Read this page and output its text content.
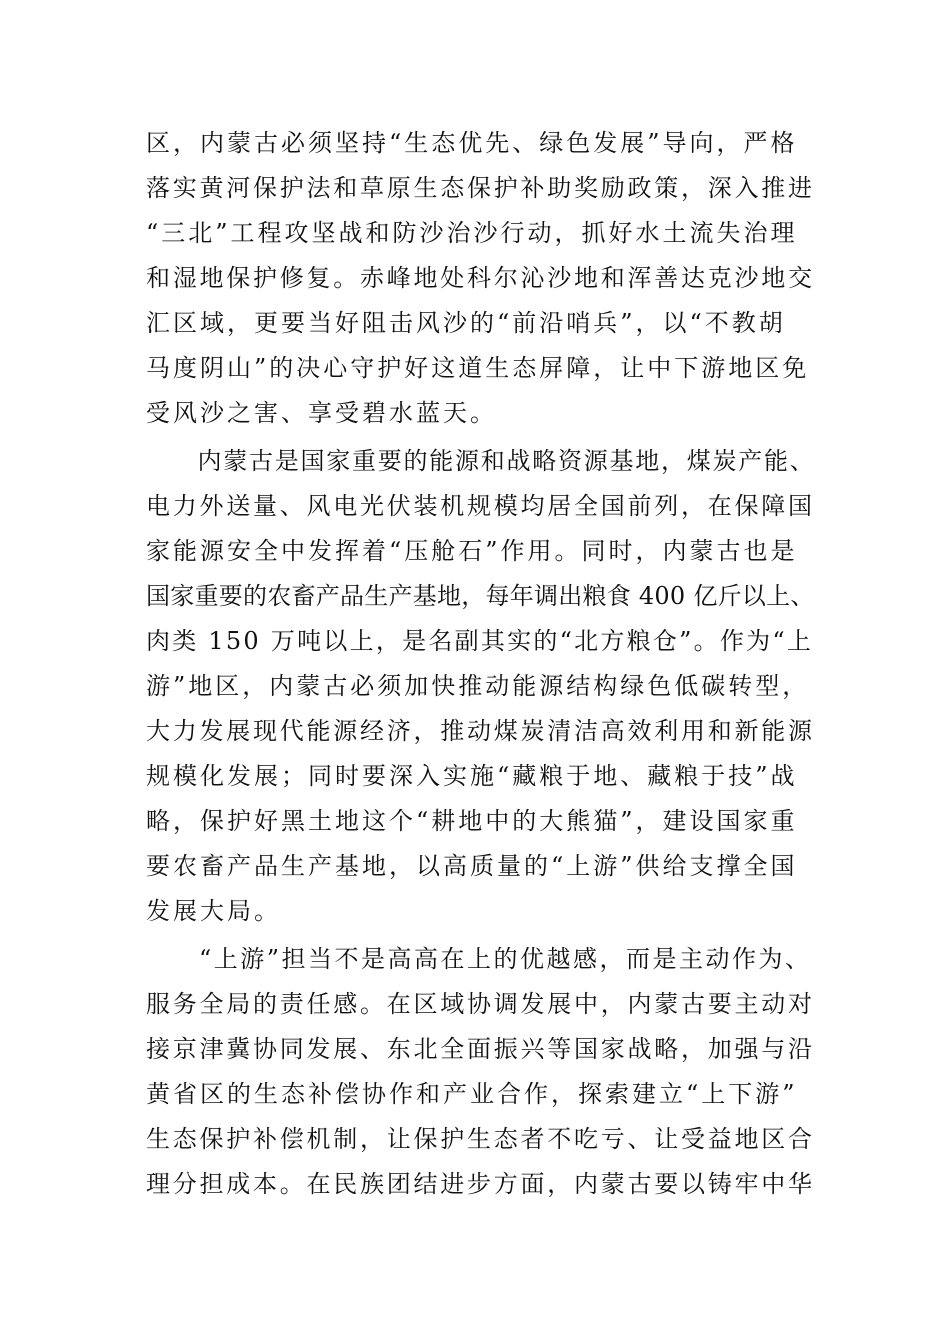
区，内蒙古必须坚持“生态优先、绿色发展”导向，严格
落实黄河保护法和草原生态保护补助奖励政策，深入推进
“三北”工程攻坚战和防沙治沙行动，抓好水土流失治理
和湿地保护修复。赤峰地处科尔沁沙地和浑善达克沙地交
汇区域，更要当好阻击风沙的“前沿哨兵”，以“不教胡
马度阴山”的决心守护好这道生态屏障，让中下游地区免
受风沙之害、享受碧水蓝天。
　　内蒙古是国家重要的能源和战略资源基地，煤炭产能、
电力外送量、风电光伏装机规模均居全国前列，在保障国
家能源安全中发挥着“压舱石”作用。同时，内蒙古也是
国家重要的农畜产品生产基地，每年调出粮食 400 亿斤以上、
肉类 150 万吨以上，是名副其实的“北方粮仓”。作为“上
游”地区，内蒙古必须加快推动能源结构绿色低碳转型，
大力发展现代能源经济，推动煤炭清洁高效利用和新能源
规模化发展；同时要深入实施“藏粮于地、藏粮于技”战
略，保护好黑土地这个“耕地中的大熊猫”，建设国家重
要农畜产品生产基地，以高质量的“上游”供给支撑全国
发展大局。
　　“上游”担当不是高高在上的优越感，而是主动作为、
服务全局的责任感。在区域协调发展中，内蒙古要主动对
接京津冀协同发展、东北全面振兴等国家战略，加强与沿
黄省区的生态补偿协作和产业合作，探索建立“上下游”
生态保护补偿机制，让保护生态者不吃亏、让受益地区合
理分担成本。在民族团结进步方面，内蒙古要以铸牢中华
